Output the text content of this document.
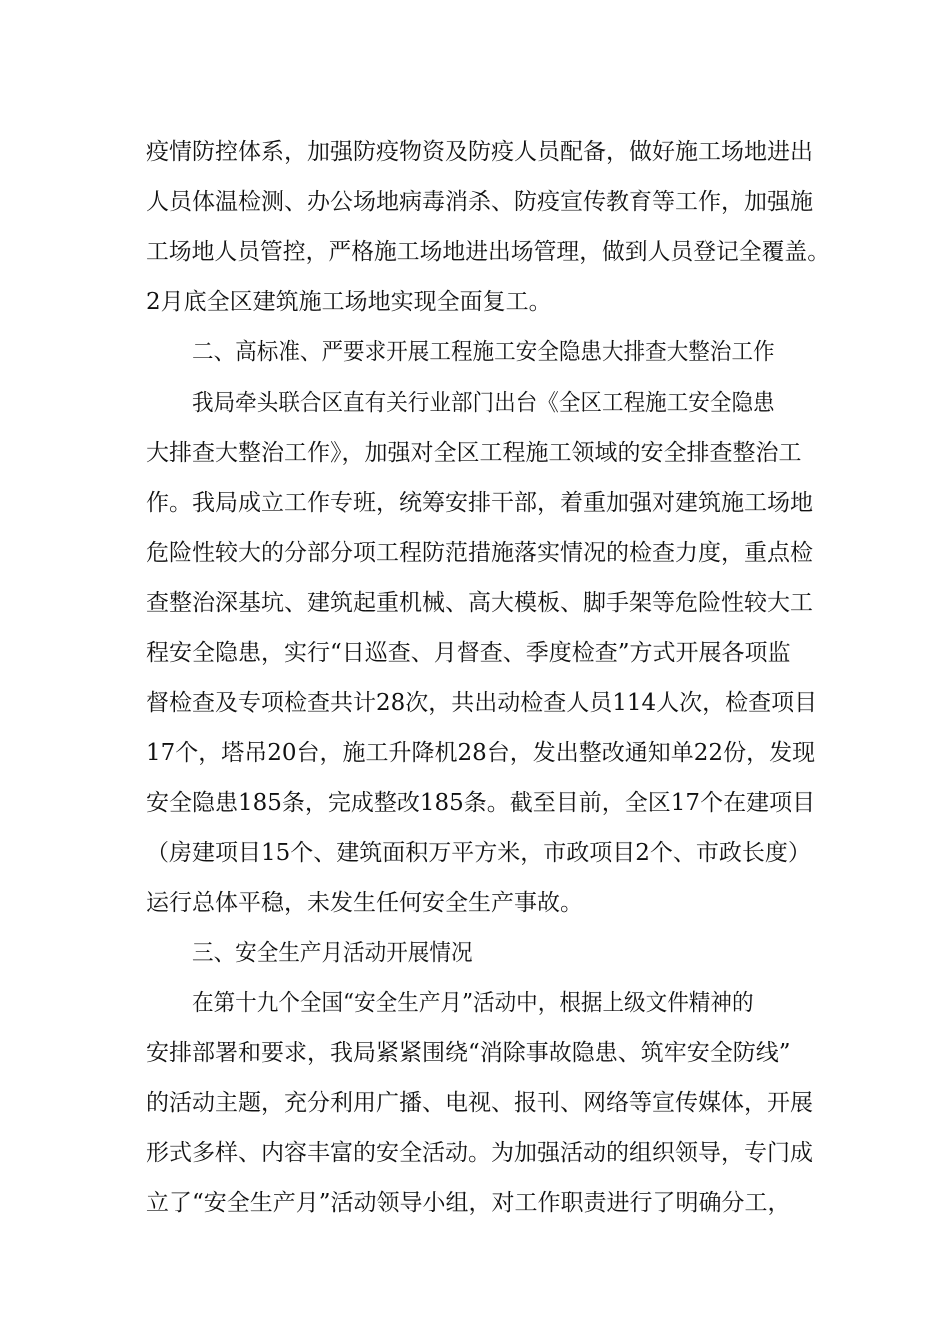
疫情防控体系，加强防疫物资及防疫人员配备，做好施工场地进出

人员体温检测、办公场地病毒消杀、防疫宣传教育等工作，加强施

工场地人员管控，严格施工场地进出场管理，做到人员登记全覆盖。

2月底全区建筑施工场地实现全面复工。

二、高标准、严要求开展工程施工安全隐患大排查大整治工作

我局牵头联合区直有关行业部门出台《全区工程施工安全隐患

大排查大整治工作》，加强对全区工程施工领域的安全排查整治工

作。我局成立工作专班，统筹安排干部，着重加强对建筑施工场地

危险性较大的分部分项工程防范措施落实情况的检查力度，重点检

查整治深基坑、建筑起重机械、高大模板、脚手架等危险性较大工

程安全隐患，实行“日巡查、月督查、季度检查”方式开展各项监

督检查及专项检查共计28次，共出动检查人员114人次，检查项目

17个，塔吊20台，施工升降机28台，发出整改通知单22份，发现

安全隐患185条，完成整改185条。截至目前，全区17个在建项目

（房建项目15个、建筑面积万平方米，市政项目2个、市政长度）

运行总体平稳，未发生任何安全生产事故。

三、安全生产月活动开展情况

在第十九个全国“安全生产月”活动中，根据上级文件精神的

安排部署和要求，我局紧紧围绕“消除事故隐患、筑牢安全防线”

的活动主题，充分利用广播、电视、报刊、网络等宣传媒体，开展

形式多样、内容丰富的安全活动。为加强活动的组织领导，专门成

立了“安全生产月”活动领导小组，对工作职责进行了明确分工，
